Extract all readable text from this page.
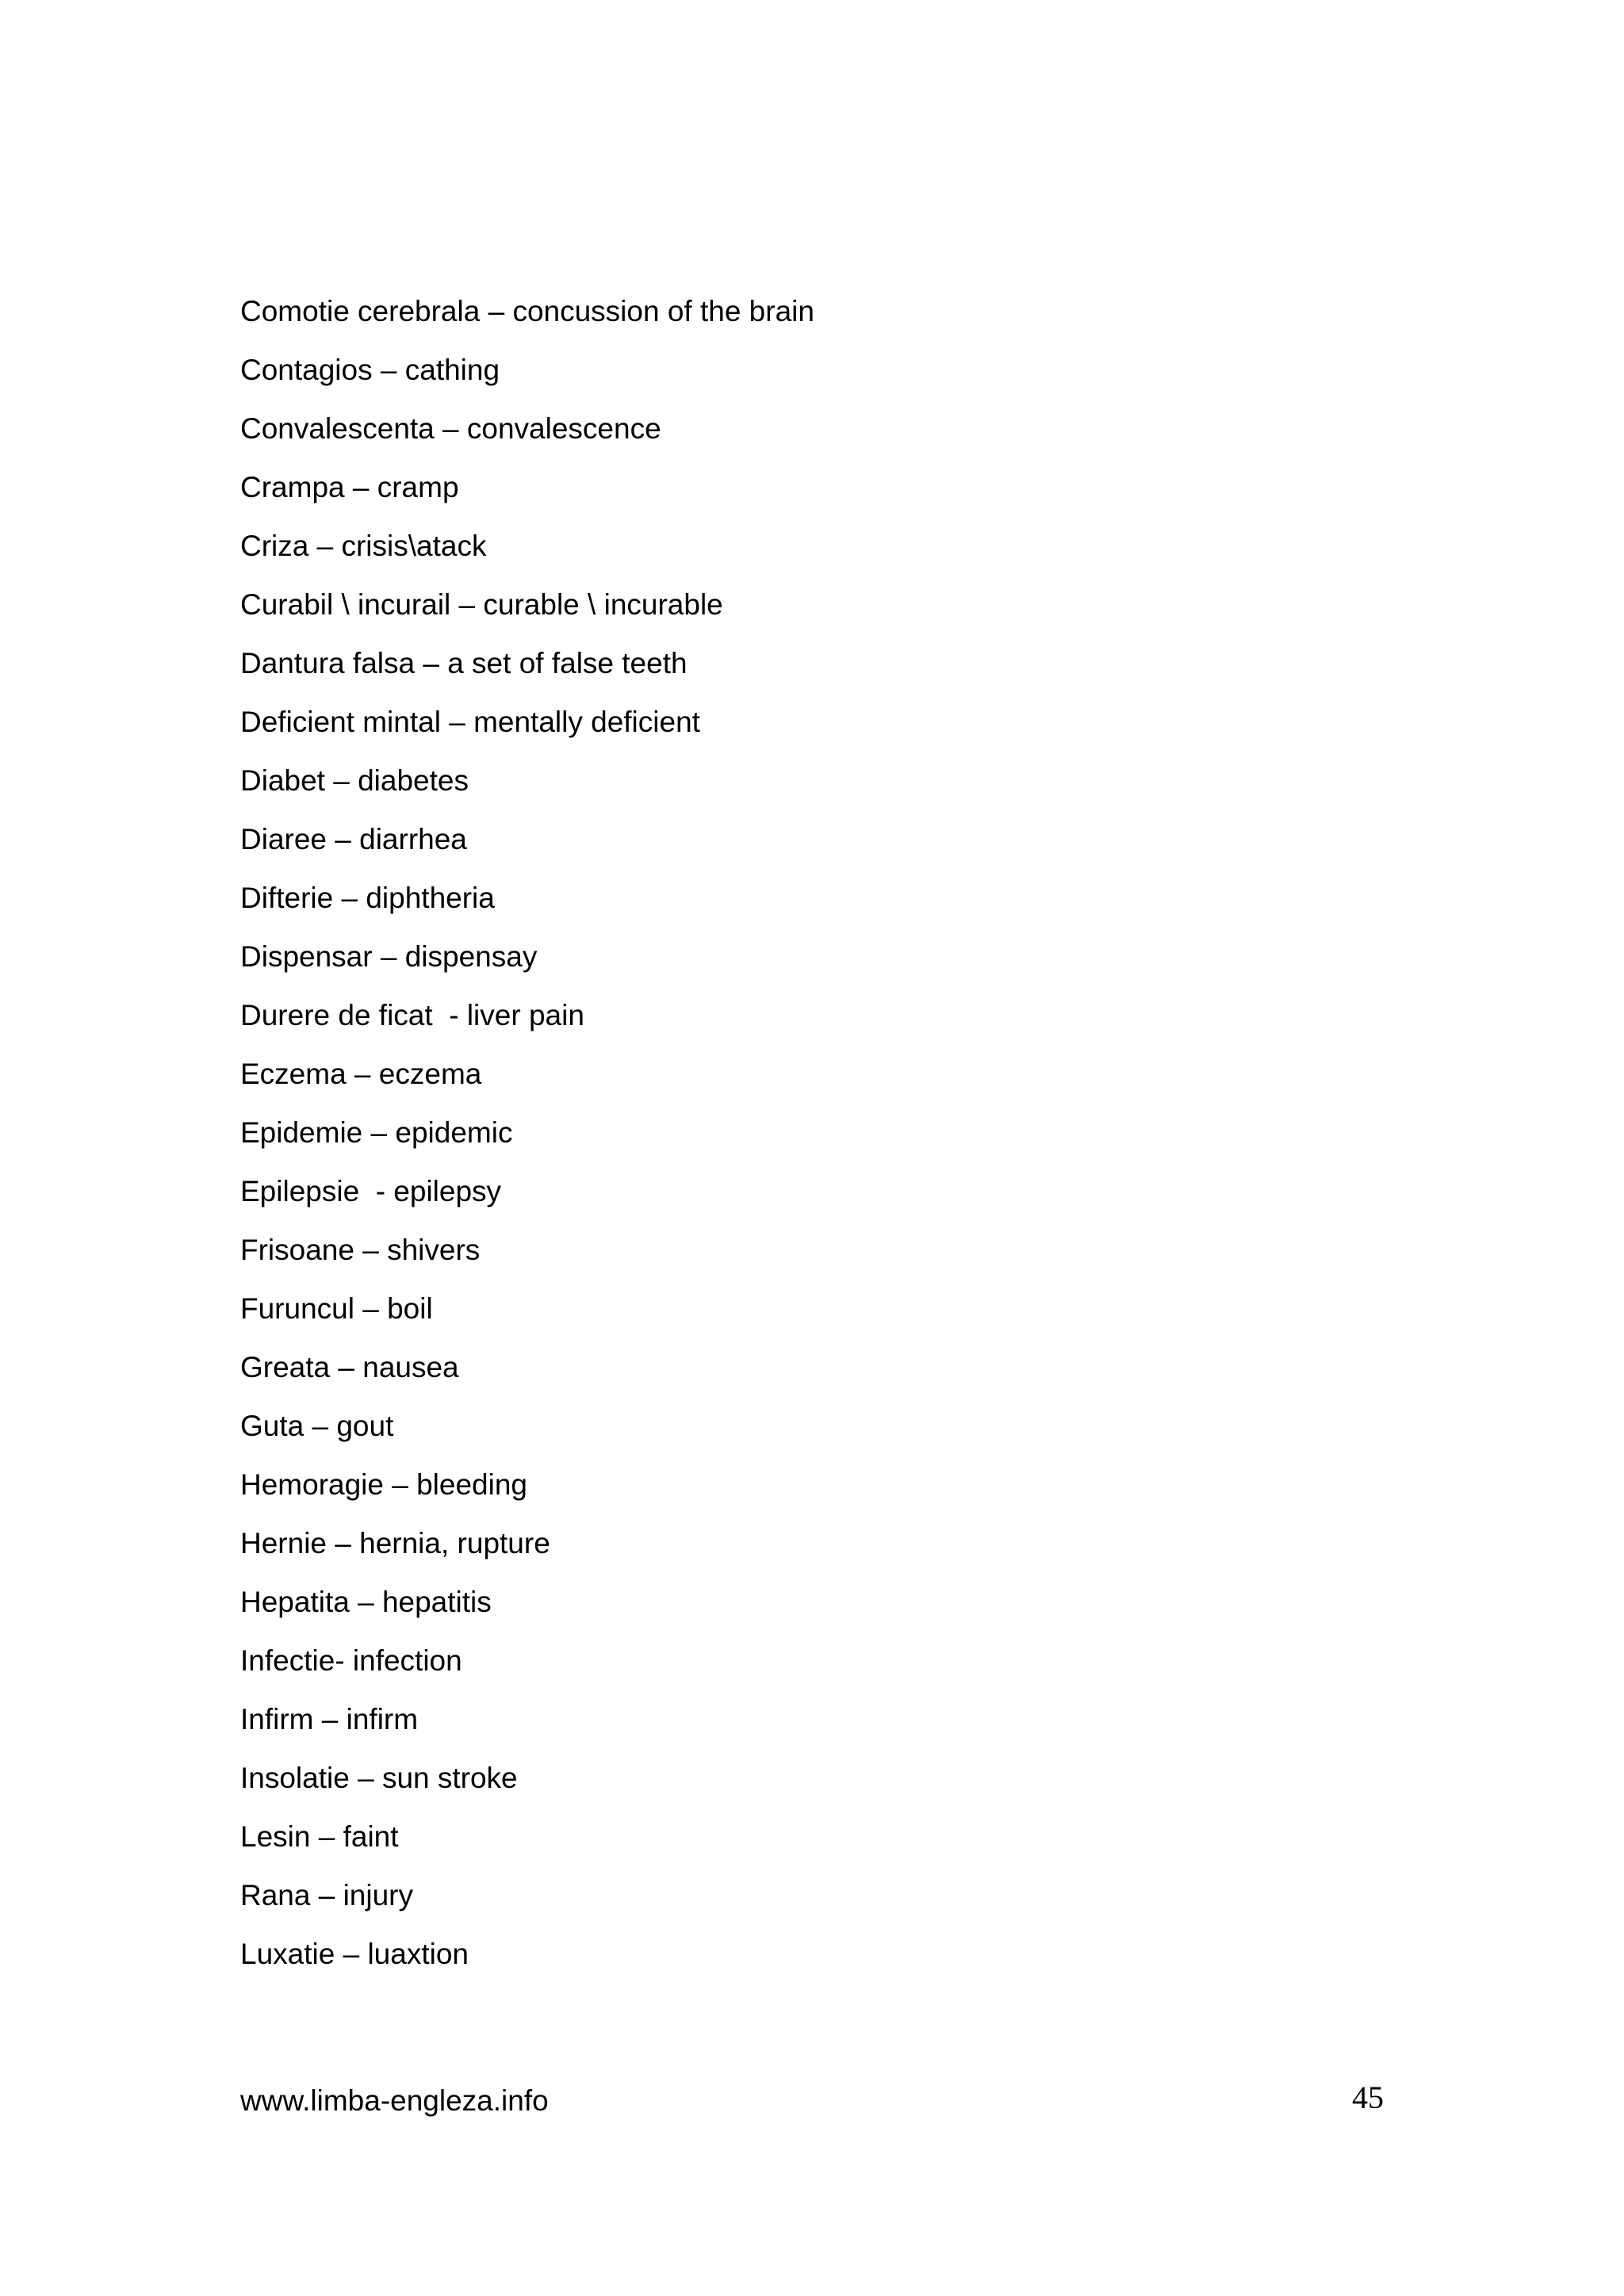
Comotie cerebrala – concussion of the brain
Contagios – cathing
Convalescenta – convalescence
Crampa – cramp
Criza – crisis\atack
Curabil \ incurail – curable \ incurable
Dantura falsa – a set of false teeth
Deficient mintal – mentally deficient
Diabet – diabetes
Diaree – diarrhea
Difterie – diphtheria
Dispensar – dispensay
Durere de ficat  - liver pain
Eczema – eczema
Epidemie – epidemic
Epilepsie  - epilepsy
Frisoane – shivers
Furuncul – boil
Greata – nausea
Guta – gout
Hemoragie – bleeding
Hernie – hernia, rupture
Hepatita – hepatitis
Infectie- infection
Infirm – infirm
Insolatie – sun stroke
Lesin – faint
Rana – injury
Luxatie – luaxtion
www.limba-engleza.info	45
